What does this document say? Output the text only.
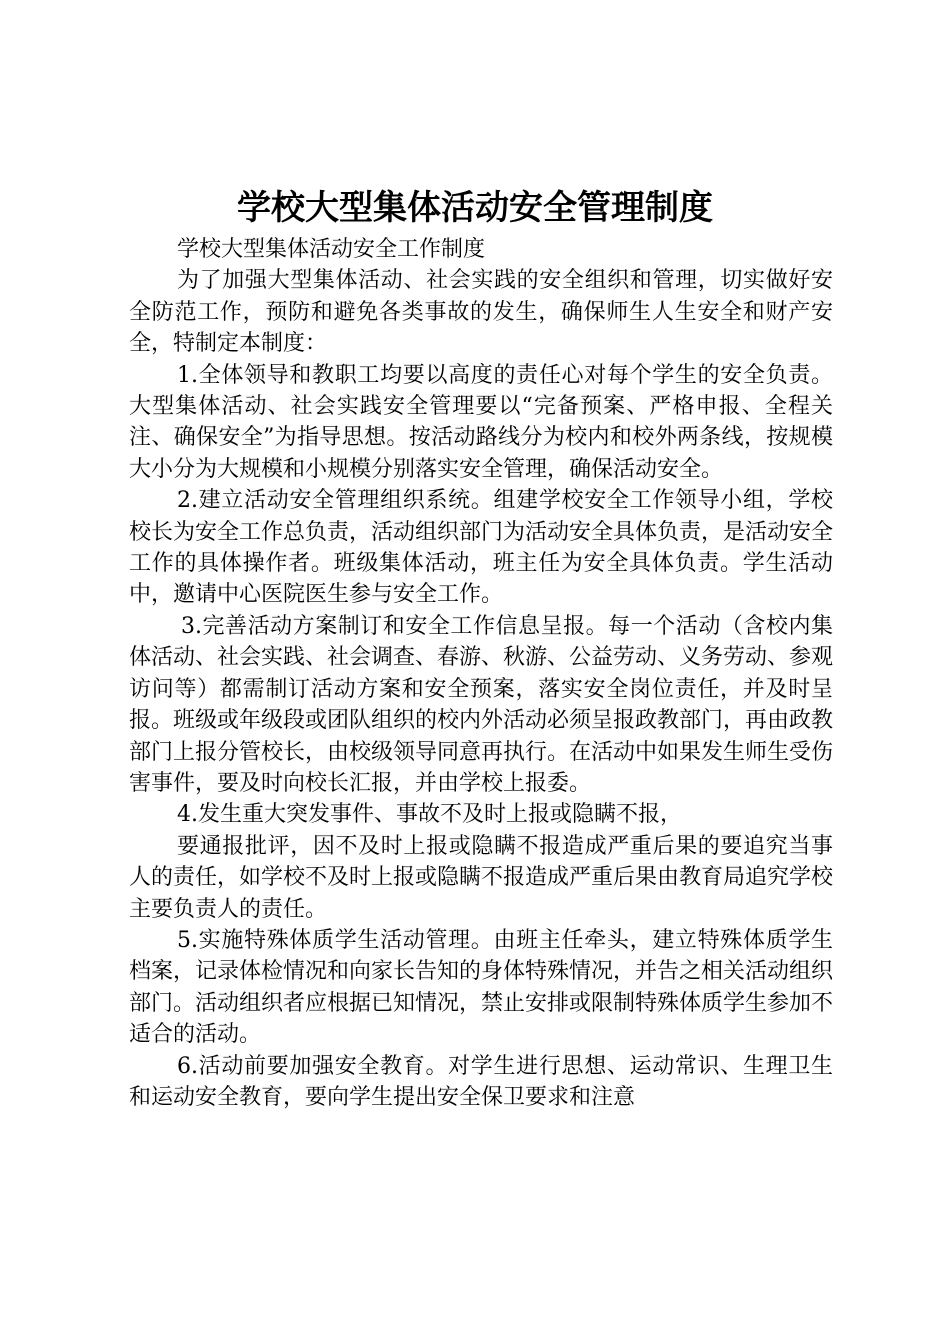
学校大型集体活动安全管理制度

学校大型集体活动安全工作制度

为了加强大型集体活动、社会实践的安全组织和管理，切实做好安全防范工作，预防和避免各类事故的发生，确保师生人生安全和财产安全，特制定本制度：

1.全体领导和教职工均要以高度的责任心对每个学生的安全负责。大型集体活动、社会实践安全管理要以“完备预案、严格申报、全程关注、确保安全”为指导思想。按活动路线分为校内和校外两条线，按规模大小分为大规模和小规模分别落实安全管理，确保活动安全。

2.建立活动安全管理组织系统。组建学校安全工作领导小组，学校校长为安全工作总负责，活动组织部门为活动安全具体负责，是活动安全工作的具体操作者。班级集体活动，班主任为安全具体负责。学生活动中，邀请中心医院医生参与安全工作。

3.完善活动方案制订和安全工作信息呈报。每一个活动（含校内集体活动、社会实践、社会调查、春游、秋游、公益劳动、义务劳动、参观访问等）都需制订活动方案和安全预案，落实安全岗位责任，并及时呈报。班级或年级段或团队组织的校内外活动必须呈报政教部门，再由政教部门上报分管校长，由校级领导同意再执行。在活动中如果发生师生受伤害事件，要及时向校长汇报，并由学校上报委。

4.发生重大突发事件、事故不及时上报或隐瞒不报，

要通报批评，因不及时上报或隐瞒不报造成严重后果的要追究当事人的责任，如学校不及时上报或隐瞒不报造成严重后果由教育局追究学校主要负责人的责任。

5.实施特殊体质学生活动管理。由班主任牵头，建立特殊体质学生档案，记录体检情况和向家长告知的身体特殊情况，并告之相关活动组织部门。活动组织者应根据已知情况，禁止安排或限制特殊体质学生参加不适合的活动。

6.活动前要加强安全教育。对学生进行思想、运动常识、生理卫生和运动安全教育，要向学生提出安全保卫要求和注意
